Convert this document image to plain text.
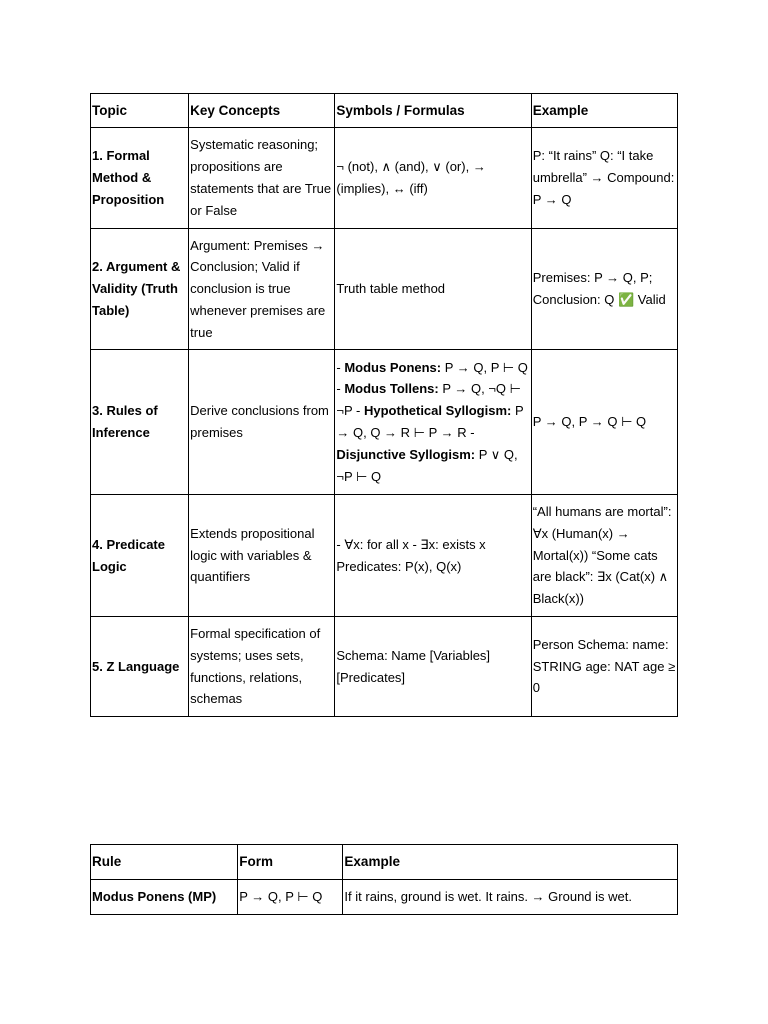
Topic	Key Concepts	Symbols / Formulas	Example
1. Formal Method & Proposition	Systematic reasoning; propositions are statements that are True or False	¬ (not), ∧ (and), ∨ (or), → (implies), ↔ (iff)	P: “It rains” Q: “I take umbrella” → Compound: P → Q
2. Argument & Validity (Truth Table)	Argument: Premises → Conclusion; Valid if conclusion is true whenever premises are true	Truth table method	Premises: P → Q, P; Conclusion: Q ✅ Valid
3. Rules of Inference	Derive conclusions from premises	- Modus Ponens: P → Q, P ⊢ Q - Modus Tollens: P → Q, ¬Q ⊢ ¬P - Hypothetical Syllogism: P → Q, Q → R ⊢ P → R - Disjunctive Syllogism: P ∨ Q, ¬P ⊢ Q	P → Q, P → Q ⊢ Q
4. Predicate Logic	Extends propositional logic with variables & quantifiers	- ∀x: for all x - ∃x: exists x Predicates: P(x), Q(x)	“All humans are mortal”: ∀x (Human(x) → Mortal(x)) “Some cats are black”: ∃x (Cat(x) ∧ Black(x))
5. Z Language	Formal specification of systems; uses sets, functions, relations, schemas	Schema: Name [Variables] [Predicates]	Person Schema: name: STRING age: NAT age ≥ 0
Rule	Form	Example
Modus Ponens (MP)	P → Q, P ⊢ Q	If it rains, ground is wet. It rains. → Ground is wet.
